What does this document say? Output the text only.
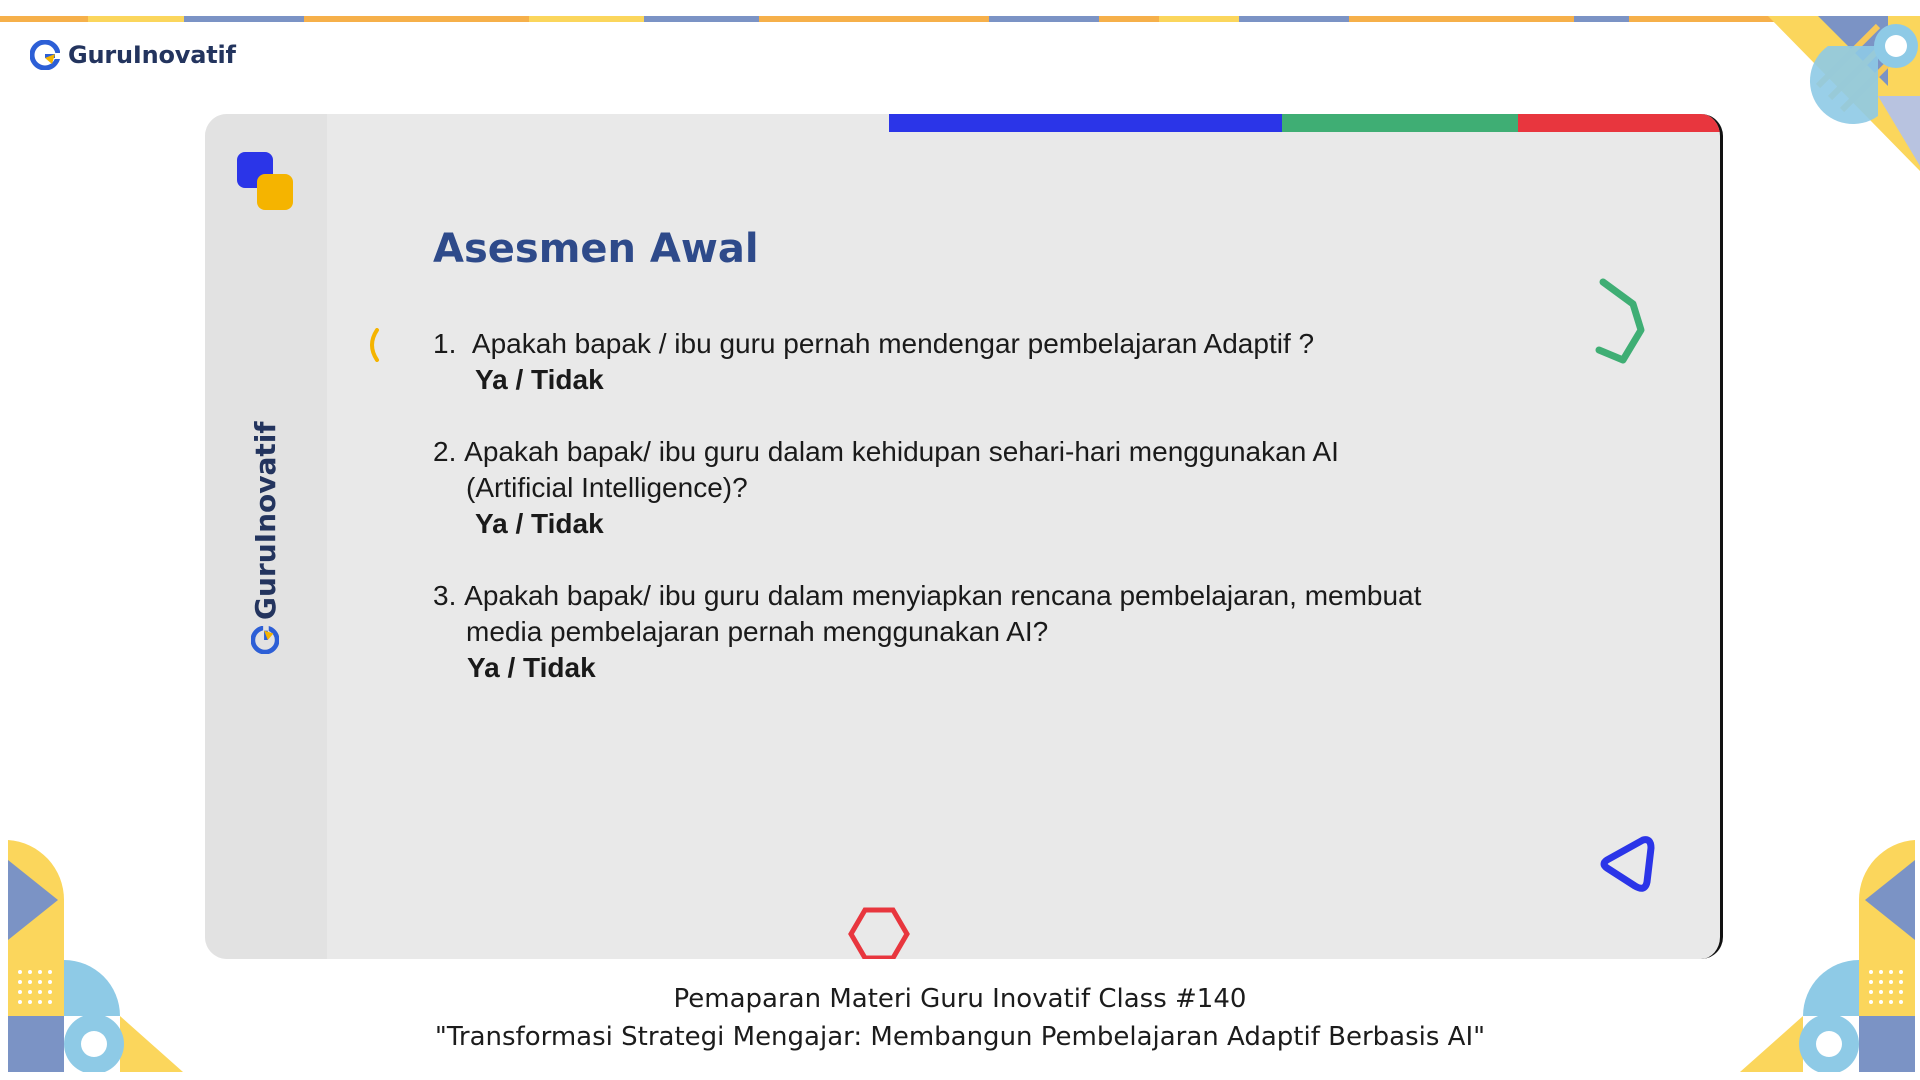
GuruInovatif
GuruInovatif
Asesmen Awal
1. Apakah bapak / ibu guru pernah mendengar pembelajaran Adaptif ?
Ya / Tidak
2. Apakah bapak/ ibu guru dalam kehidupan sehari-hari menggunakan AI
(Artificial Intelligence)?
Ya / Tidak
3. Apakah bapak/ ibu guru dalam menyiapkan rencana pembelajaran, membuat
media pembelajaran pernah menggunakan AI?
Ya / Tidak
Pemaparan Materi Guru Inovatif Class #140
"Transformasi Strategi Mengajar: Membangun Pembelajaran Adaptif Berbasis AI"
